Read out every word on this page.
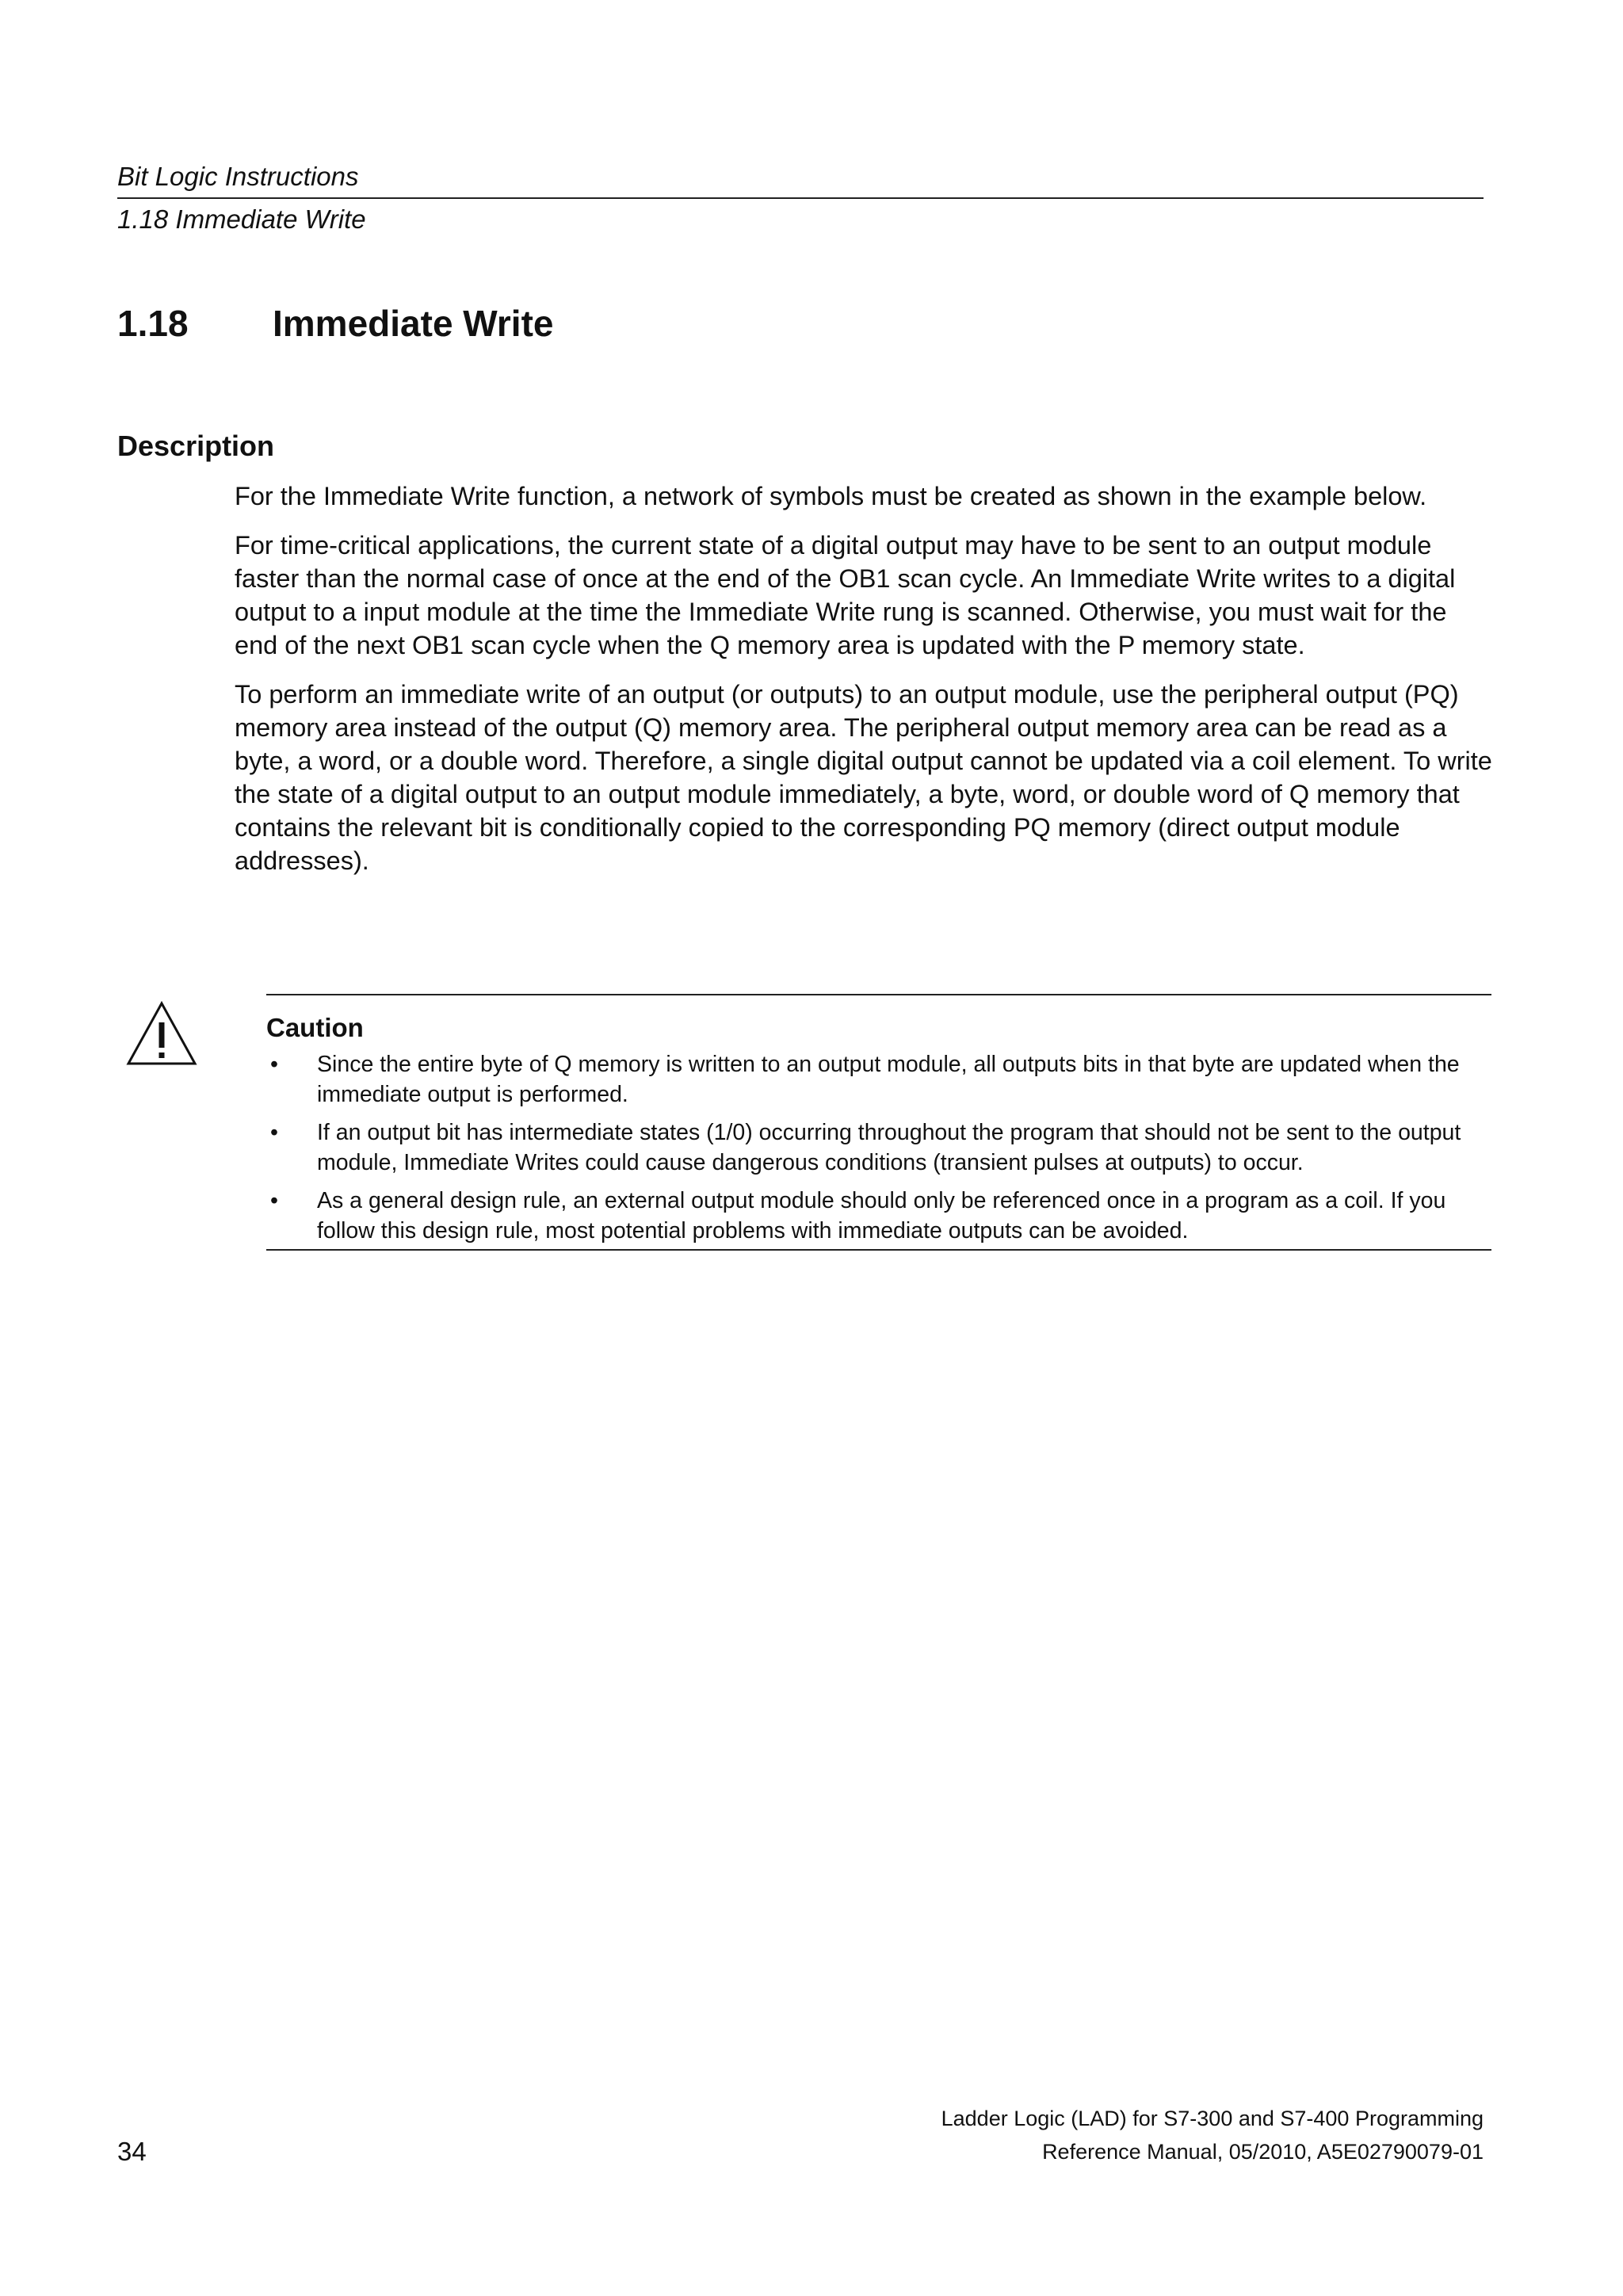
Bit Logic Instructions
1.18 Immediate Write
1.18 Immediate Write
Description

For the Immediate Write function, a network of symbols must be created as shown in the example below.

For time-critical applications, the current state of a digital output may have to be sent to an output module faster than the normal case of once at the end of the OB1 scan cycle. An Immediate Write writes to a digital output to a input module at the time the Immediate Write rung is scanned. Otherwise, you must wait for the end of the next OB1 scan cycle when the Q memory area is updated with the P memory state.

To perform an immediate write of an output (or outputs) to an output module, use the peripheral output (PQ) memory area instead of the output (Q) memory area. The peripheral output memory area can be read as a byte, a word, or a double word. Therefore, a single digital output cannot be updated via a coil element. To write the state of a digital output to an output module immediately, a byte, word, or double word of Q memory that contains the relevant bit is conditionally copied to the corresponding PQ memory (direct output module addresses).

Caution
• Since the entire byte of Q memory is written to an output module, all outputs bits in that byte are updated when the immediate output is performed.
• If an output bit has intermediate states (1/0) occurring throughout the program that should not be sent to the output module, Immediate Writes could cause dangerous conditions (transient pulses at outputs) to occur.
• As a general design rule, an external output module should only be referenced once in a program as a coil. If you follow this design rule, most potential problems with immediate outputs can be avoided.
34
Ladder Logic (LAD) for S7-300 and S7-400 Programming
Reference Manual, 05/2010, A5E02790079-01
